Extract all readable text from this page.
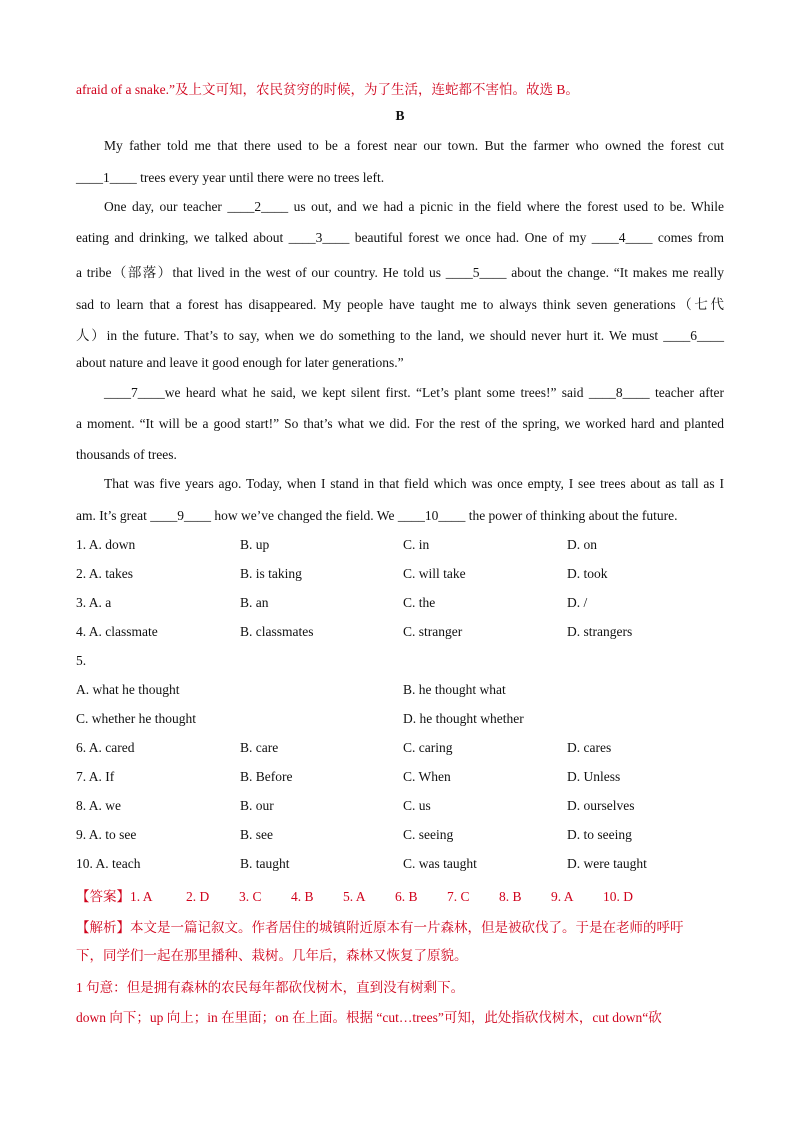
afraid of a snake.”及上文可知，农民贫穷的时候，为了生活，连蛇都不害怕。故选 B。
B
My father told me that there used to be a forest near our town. But the farmer who owned the forest cut
____1____ trees every year until there were no trees left.
One day, our teacher ____2____ us out, and we had a picnic in the field where the forest used to be. While
eating and drinking, we talked about ____3____ beautiful forest we once had. One of my ____4____ comes from
a tribe（部落）that lived in the west of our country. He told us ____5____ about the change. “It makes me really
sad to learn that a forest has disappeared. My people have taught me to always think seven generations（七代
人）in the future. That’s to say, when we do something to the land, we should never hurt it. We must ____6____
about nature and leave it good enough for later generations.”
____7____we heard what he said, we kept silent first. “Let’s plant some trees!” said ____8____ teacher after
a moment. “It will be a good start!” So that’s what we did. For the rest of the spring, we worked hard and planted
thousands of trees.
That was five years ago. Today, when I stand in that field which was once empty, I see trees about as tall as I
am. It’s great ____9____ how we’ve changed the field. We ____10____ the power of thinking about the future.
1. A. down	B. up	C. in	D. on
2. A. takes	B. is taking	C. will take	D. took
3. A. a	B. an	C. the	D. /
4. A. classmate	B. classmates	C. stranger	D. strangers
5.
A. what he thought	B. he thought what
C. whether he thought	D. he thought whether
6. A. cared	B. care	C. caring	D. cares
7. A. If	B. Before	C. When	D. Unless
8. A. we	B. our	C. us	D. ourselves
9. A. to see	B. see	C. seeing	D. to seeing
10. A. teach	B. taught	C. was taught	D. were taught
【答案】1. A 2. D 3. C 4. B 5. A 6. B 7. C 8. B 9. A 10. D
【解析】本文是一篇记叙文。作者居住的城镇附近原本有一片森林，但是被砍伐了。于是在老师的呼吁
下，同学们一起在那里播种、栽树。几年后，森林又恢复了原貌。
1 句意：但是拥有森林的农民每年都砍伐树木，直到没有树剩下。
down 向下；up 向上；in 在里面；on 在上面。根据 “cut…trees”可知，此处指砍伐树木，cut down“砍
